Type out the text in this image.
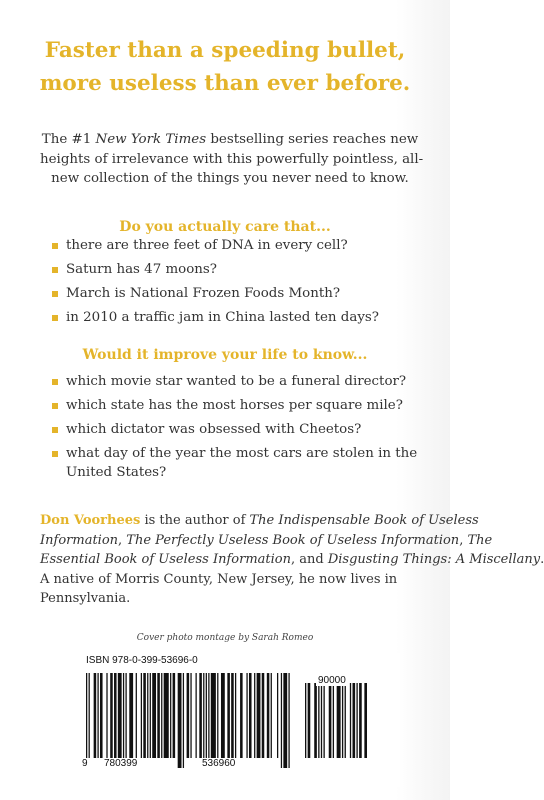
Faster than a speeding bullet,
more useless than ever before.
The #1 New York Times bestselling series reaches new
heights of irrelevance with this powerfully pointless, all-
new collection of the things you never need to know.
Do you actually care that...
there are three feet of DNA in every cell?
Saturn has 47 moons?
March is National Frozen Foods Month?
in 2010 a traffic jam in China lasted ten days?
Would it improve your life to know...
which movie star wanted to be a funeral director?
which state has the most horses per square mile?
which dictator was obsessed with Cheetos?
what day of the year the most cars are stolen in the United States?
Don Voorhees is the author of The Indispensable Book of Useless
Information, The Perfectly Useless Book of Useless Information, The
Essential Book of Useless Information, and Disgusting Things: A Miscellany.
A native of Morris County, New Jersey, he now lives in
Pennsylvania.
Cover photo montage by Sarah Romeo
ISBN 978-0-399-53696-0
9 780399	536960
90000
